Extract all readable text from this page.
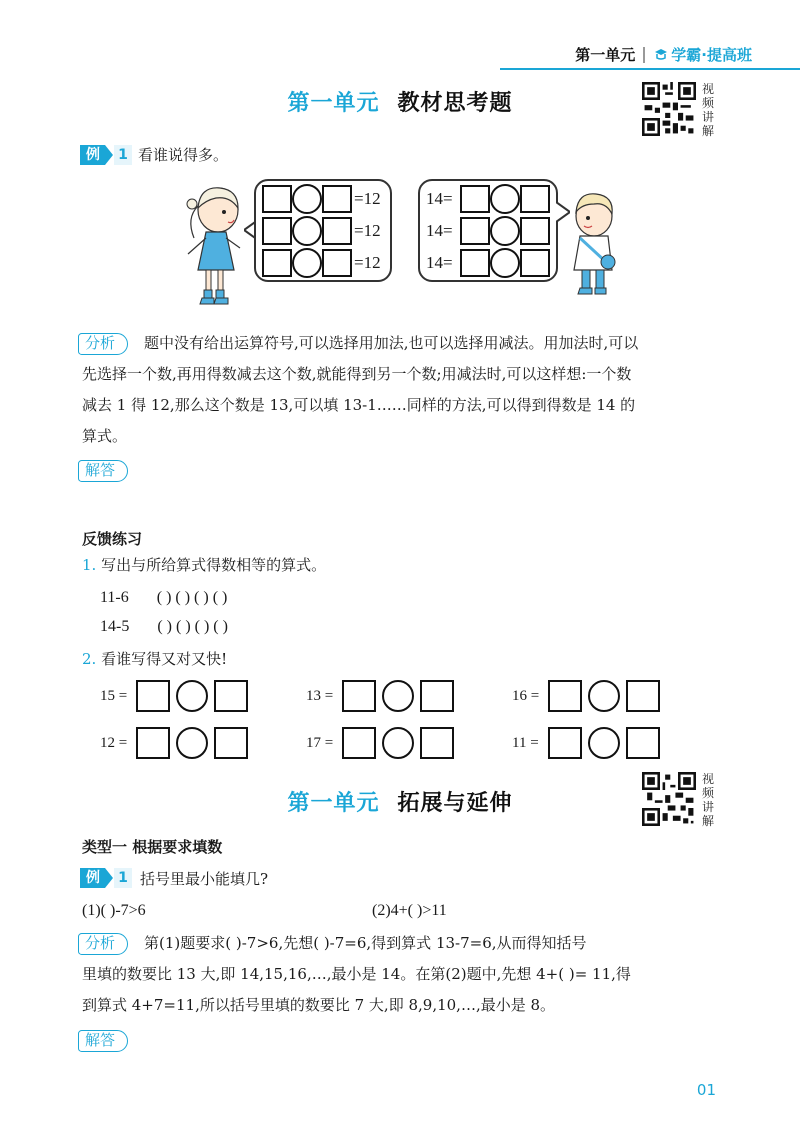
第一单元 学霸·提高班
第一单元 教材思考题
视
频
讲
解
例	1 看谁说得多。
=12
=12
=12
14=
14=
14=
分析	题中没有给出运算符号,可以选择用加法,也可以选择用减法。用加法时,可以
先选择一个数,再用得数减去这个数,就能得到另一个数;用减法时,可以这样想:一个数
减去 1 得 12,那么这个数是 13,可以填 13-1……同样的方法,可以得到得数是 14 的
算式。
解答
反馈练习
1. 写出与所给算式得数相等的算式。
11-6 ( ) ( ) ( ) ( )
14-5 ( ) ( ) ( ) ( )
2. 看谁写得又对又快!
15 =	13 =	16 =
12 =	17 =	11 =
第一单元 拓展与延伸
视
频
讲
解
类型一 根据要求填数
例	1 括号里最小能填几?
(1)( )-7>6	(2)4+( )>11
分析	第(1)题要求( )-7>6,先想( )-7=6,得到算式 13-7=6,从而得知括号
里填的数要比 13 大,即 14,15,16,…,最小是 14。在第(2)题中,先想 4+( )= 11,得
到算式 4+7=11,所以括号里填的数要比 7 大,即 8,9,10,…,最小是 8。
解答
01
